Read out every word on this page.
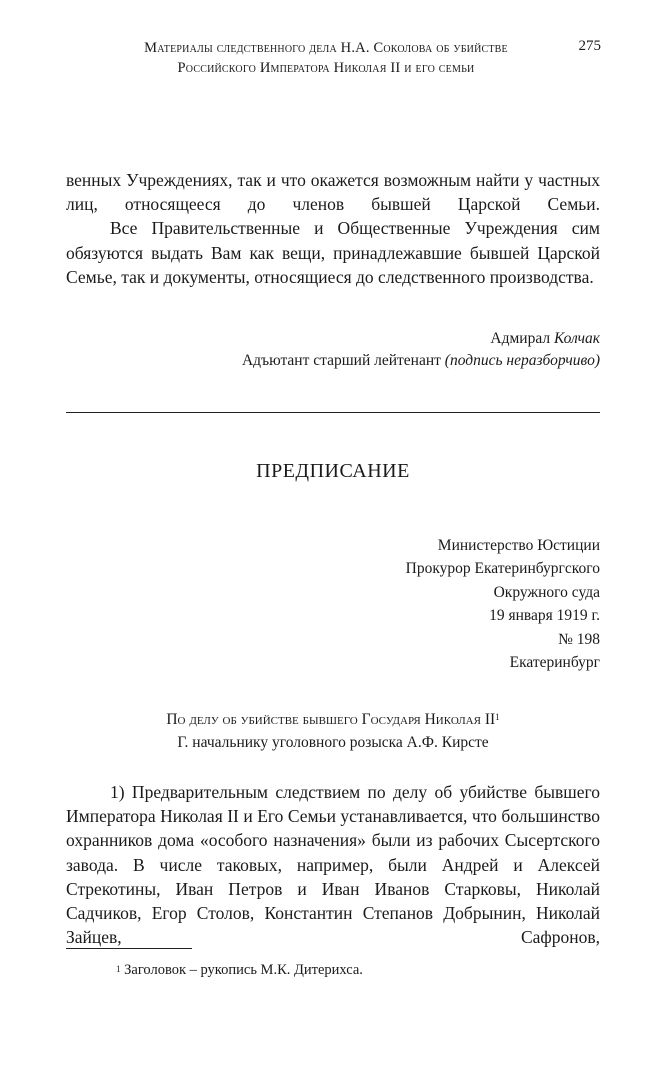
Материалы следственного дела Н.А. Соколова об убийстве
Российского Императора Николая II и его семьи
275

венных Учреждениях, так и что окажется возможным найти у частных лиц, относящееся до членов бывшей Царской Семьи.

Все Правительственные и Общественные Учреждения сим обязуются выдать Вам как вещи, принадлежавшие бывшей Царской Семье, так и документы, относящиеся до следственного производства.

Адмирал Колчак
Адъютант старший лейтенант (подпись неразборчиво)
ПРЕДПИСАНИЕ
Министерство Юстиции
Прокурор Екатеринбургского
Окружного суда
19 января 1919 г.
№ 198
Екатеринбург
По делу об убийстве бывшего Государя Николая $II^1$
Г. начальнику уголовного розыска А.Ф. Кирсте

1) Предварительным следствием по делу об убийстве бывшего Императора Николая II и Его Семьи устанавливается, что большинство охранников дома «особого назначения» были из рабочих Сысертского завода. В числе таковых, например, были Андрей и Алексей Стрекотины, Иван Петров и Иван Иванов Старковы, Николай Садчиков, Егор Столов, Константин Степанов Добрынин, Николай Зайцев, Сафронов,

$^1$ Заголовок – рукопись М.К. Дитерихса.
